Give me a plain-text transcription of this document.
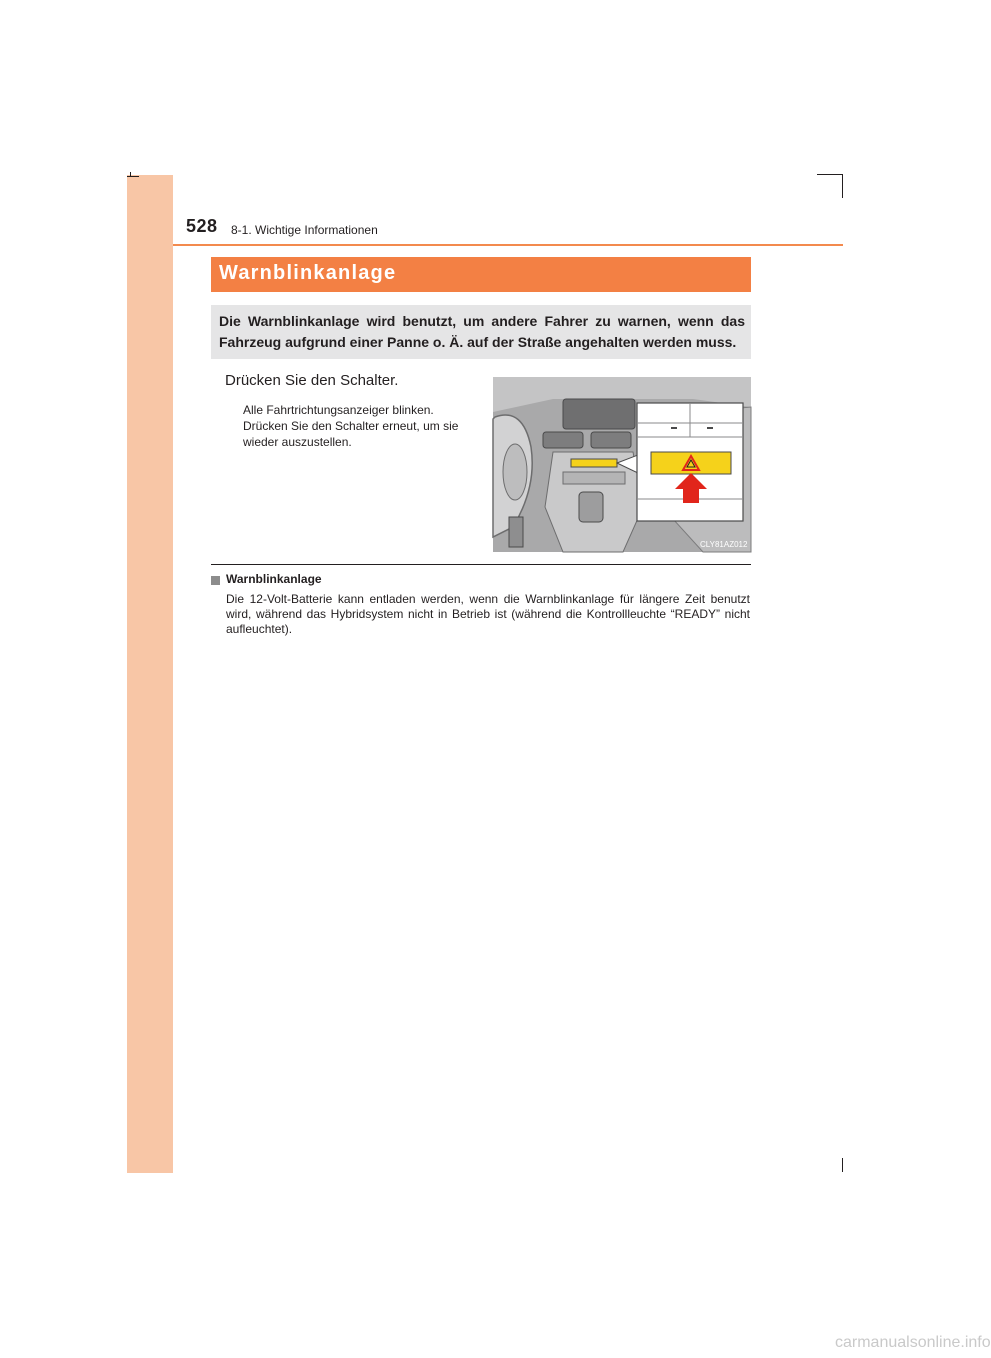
528 8-1. Wichtige Informationen
Warnblinkanlage

Die Warnblinkanlage wird benutzt, um andere Fahrer zu warnen, wenn das Fahrzeug aufgrund einer Panne o. Ä. auf der Straße angehalten werden muss.

Drücken Sie den Schalter.
Alle Fahrtrichtungsanzeiger blinken.
Drücken Sie den Schalter erneut, um sie
wieder auszustellen.
CLY81AZ012
Warnblinkanlage
Die 12-Volt-Batterie kann entladen werden, wenn die Warnblinkanlage für längere Zeit benutzt wird, während das Hybridsystem nicht in Betrieb ist (während die Kontrollleuchte “READY” nicht aufleuchtet).
carmanualsonline.info
